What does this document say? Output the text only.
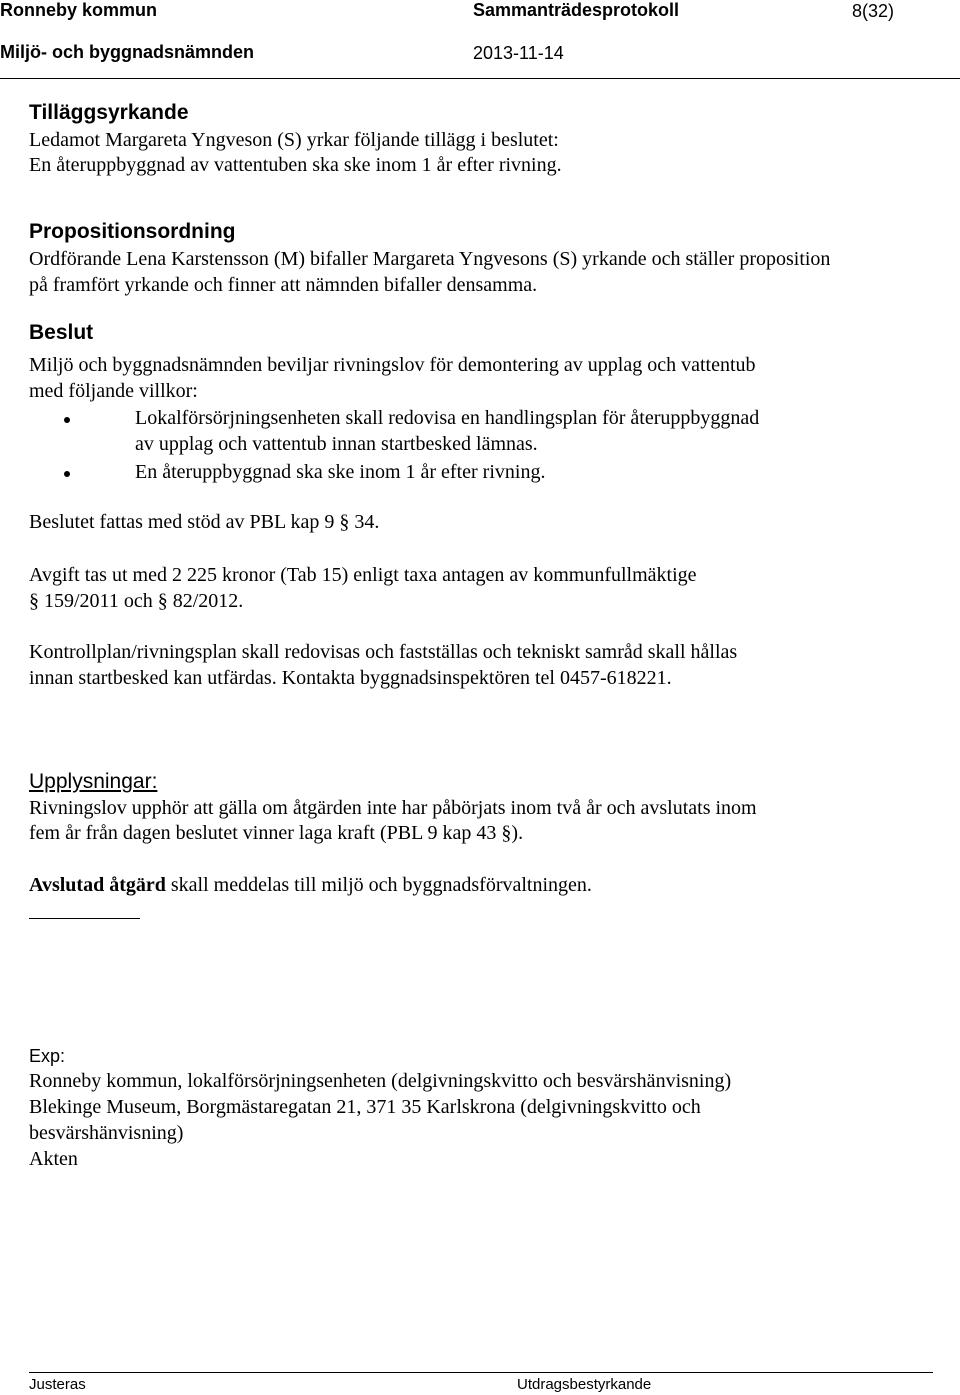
Ronneby kommun	Sammanträdesprotokoll	8(32)
Miljö- och byggnadsnämnden	2013-11-14
Tilläggsyrkande
Ledamot Margareta Yngveson (S) yrkar följande tillägg i beslutet:
En återuppbyggnad av vattentuben ska ske inom 1 år efter rivning.
Propositionsordning
Ordförande Lena Karstensson (M) bifaller Margareta Yngvesons (S) yrkande och ställer proposition
på framfört yrkande och finner att nämnden bifaller densamma.
Beslut
Miljö och byggnadsnämnden beviljar rivningslov för demontering av upplag och vattentub
med följande villkor:
Lokalförsörjningsenheten skall redovisa en handlingsplan för återuppbyggnad
av upplag och vattentub innan startbesked lämnas.
En återuppbyggnad ska ske inom 1 år efter rivning.
Beslutet fattas med stöd av PBL kap 9 § 34.
Avgift tas ut med 2 225 kronor (Tab 15) enligt taxa antagen av kommunfullmäktige
§ 159/2011 och § 82/2012.
Kontrollplan/rivningsplan skall redovisas och fastställas och tekniskt samråd skall hållas
innan startbesked kan utfärdas. Kontakta byggnadsinspektören tel 0457-618221.
Upplysningar:
Rivningslov upphör att gälla om åtgärden inte har påbörjats inom två år och avslutats inom
fem år från dagen beslutet vinner laga kraft (PBL 9 kap 43 §).
Avslutad åtgärd skall meddelas till miljö och byggnadsförvaltningen.
Exp:
Ronneby kommun, lokalförsörjningsenheten (delgivningskvitto och besvärshänvisning)
Blekinge Museum, Borgmästaregatan 21, 371 35 Karlskrona (delgivningskvitto och
besvärshänvisning)
Akten
Justeras	Utdragsbestyrkande
